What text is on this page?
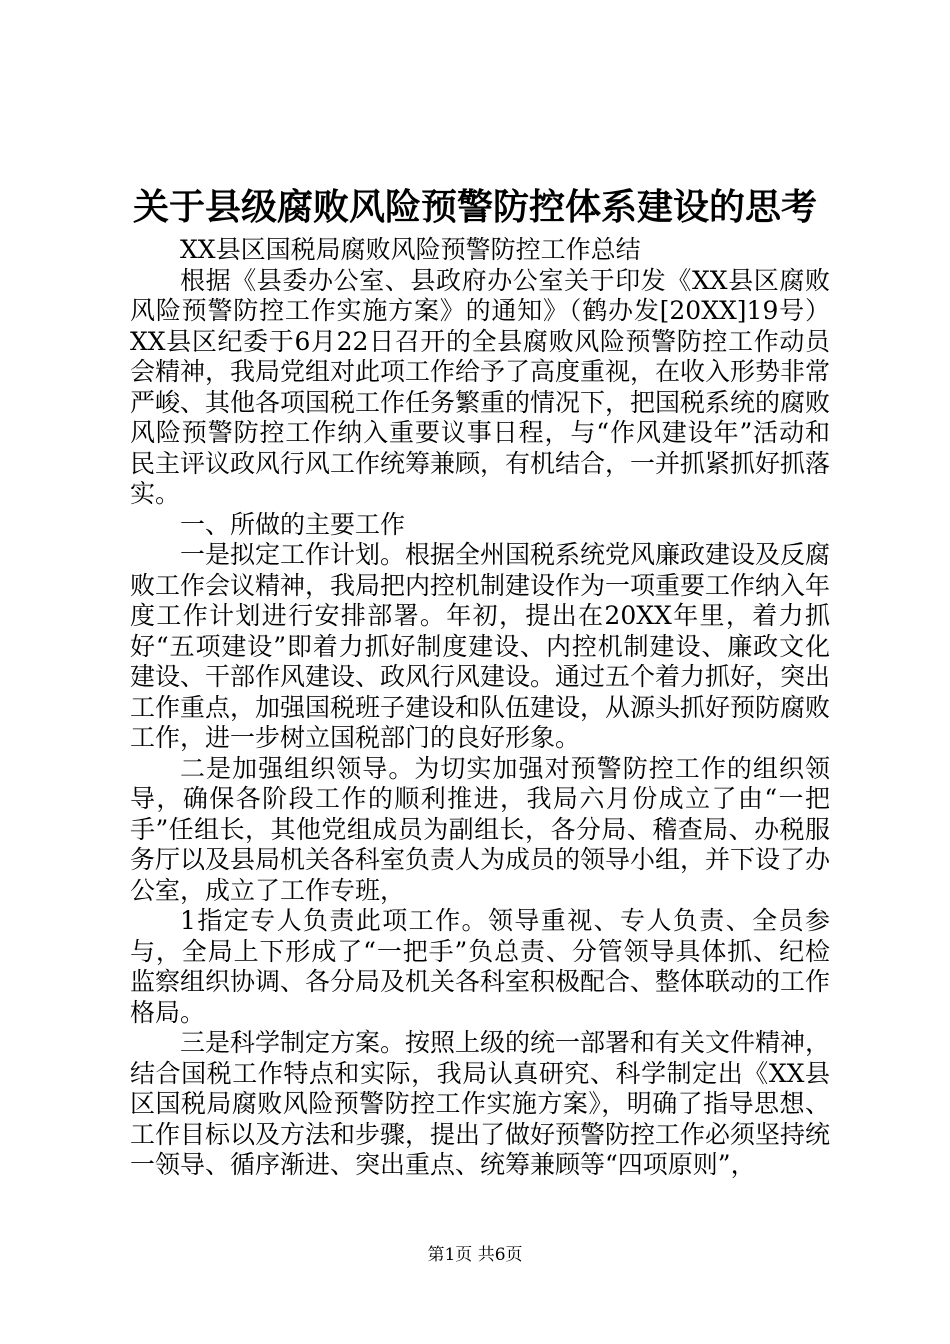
关于县级腐败风险预警防控体系建设的思考

XX县区国税局腐败风险预警防控工作总结

根据《县委办公室、县政府办公室关于印发《XX县区腐败风险预警防控工作实施方案》的通知》（鹤办发[20XX]19号）XX县区纪委于6月22日召开的全县腐败风险预警防控工作动员会精神，我局党组对此项工作给予了高度重视，在收入形势非常严峻、其他各项国税工作任务繁重的情况下，把国税系统的腐败风险预警防控工作纳入重要议事日程，与“作风建设年”活动和民主评议政风行风工作统筹兼顾，有机结合，一并抓紧抓好抓落实。

一、所做的主要工作

一是拟定工作计划。根据全州国税系统党风廉政建设及反腐败工作会议精神，我局把内控机制建设作为一项重要工作纳入年度工作计划进行安排部署。年初，提出在20XX年里，着力抓好“五项建设”即着力抓好制度建设、内控机制建设、廉政文化建设、干部作风建设、政风行风建设。通过五个着力抓好，突出工作重点，加强国税班子建设和队伍建设，从源头抓好预防腐败工作，进一步树立国税部门的良好形象。

二是加强组织领导。为切实加强对预警防控工作的组织领导，确保各阶段工作的顺利推进，我局六月份成立了由“一把手”任组长，其他党组成员为副组长，各分局、稽查局、办税服务厅以及县局机关各科室负责人为成员的领导小组，并下设了办公室，成立了工作专班，

1指定专人负责此项工作。领导重视、专人负责、全员参与，全局上下形成了“一把手”负总责、分管领导具体抓、纪检监察组织协调、各分局及机关各科室积极配合、整体联动的工作格局。

三是科学制定方案。按照上级的统一部署和有关文件精神，结合国税工作特点和实际，我局认真研究、科学制定出《XX县区国税局腐败风险预警防控工作实施方案》，明确了指导思想、工作目标以及方法和步骤，提出了做好预警防控工作必须坚持统一领导、循序渐进、突出重点、统筹兼顾等“四项原则”，

第1页 共6页
